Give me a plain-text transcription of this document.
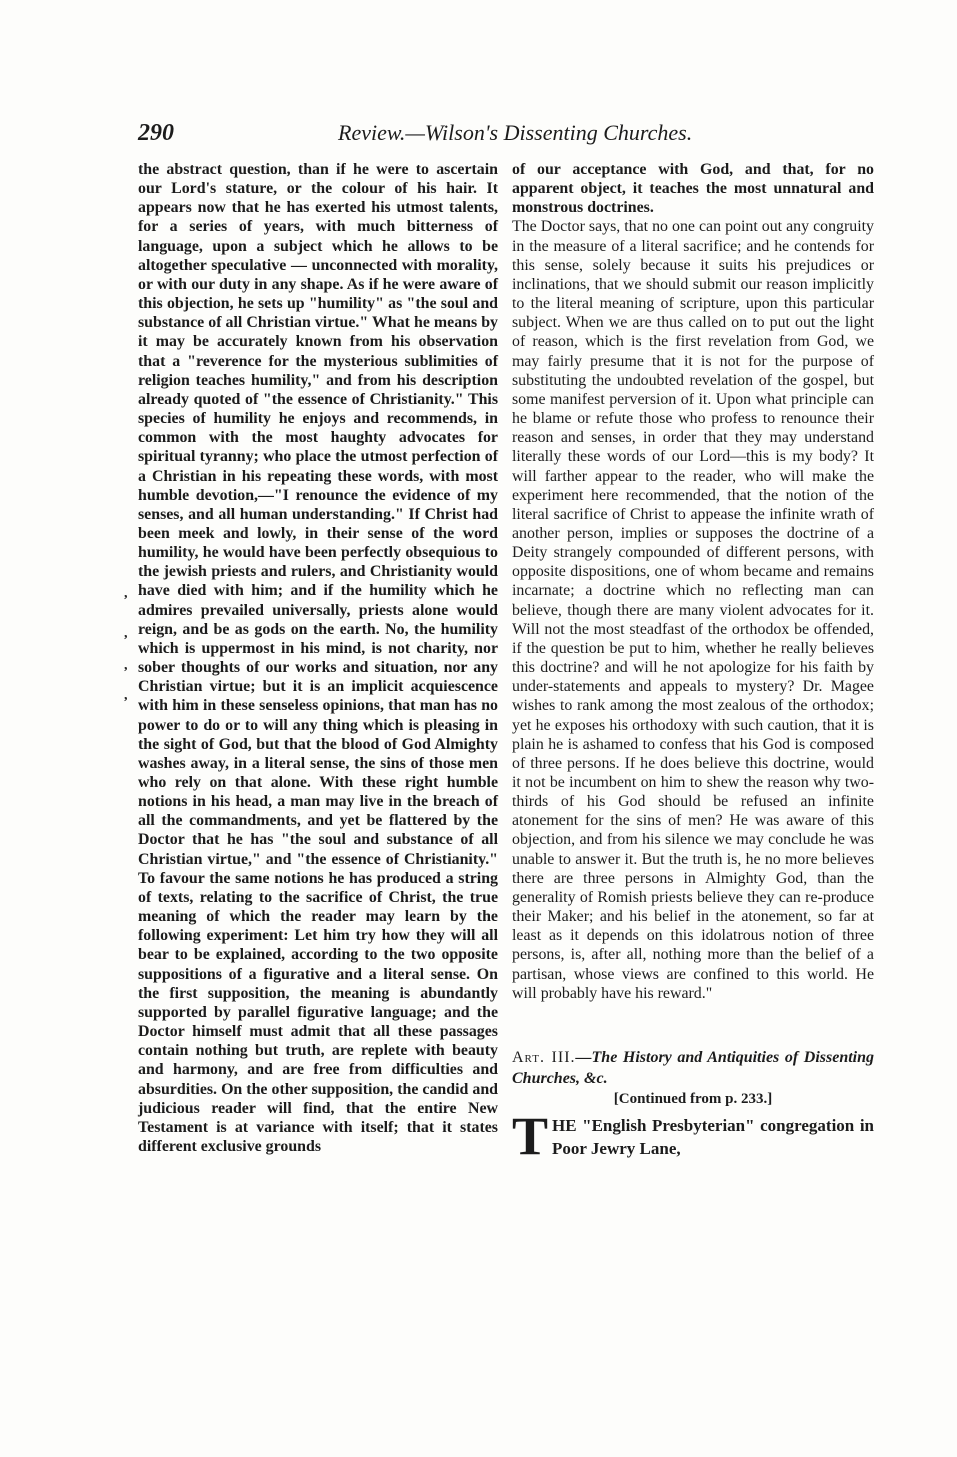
290	Review.—Wilson's Dissenting Churches.

the abstract question, than if he were to ascertain our Lord's stature, or the colour of his hair. It appears now that he has exerted his utmost talents, for a series of years, with much bitterness of language, upon a subject which he allows to be altogether speculative — unconnected with morality, or with our duty in any shape. As if he were aware of this objection, he sets up "humility" as "the soul and substance of all Christian virtue." What he means by it may be accurately known from his observation that a "reverence for the mysterious sublimities of religion teaches humility," and from his description already quoted of "the essence of Christianity." This species of humility he enjoys and recommends, in common with the most haughty advocates for spiritual tyranny; who place the utmost perfection of a Christian in his repeating these words, with most humble devotion,—"I renounce the evidence of my senses, and all human understanding." If Christ had been meek and lowly, in their sense of the word humility, he would have been perfectly obsequious to the jewish priests and rulers, and Christianity would have died with him; and if the humility which he admires prevailed universally, priests alone would reign, and be as gods on the earth. No, the humility which is uppermost in his mind, is not charity, nor sober thoughts of our works and situation, nor any Christian virtue; but it is an implicit acquiescence with him in these senseless opinions, that man has no power to do or to will any thing which is pleasing in the sight of God, but that the blood of God Almighty washes away, in a literal sense, the sins of those men who rely on that alone. With these right humble notions in his head, a man may live in the breach of all the commandments, and yet be flattered by the Doctor that he has "the soul and substance of all Christian virtue," and "the essence of Christianity." To favour the same notions he has produced a string of texts, relating to the sacrifice of Christ, the true meaning of which the reader may learn by the following experiment: Let him try how they will all bear to be explained, according to the two opposite suppositions of a figurative and a literal sense. On the first supposition, the meaning is abundantly supported by parallel figurative language; and the Doctor himself must admit that all these passages contain nothing but truth, are replete with beauty and harmony, and are free from difficulties and absurdities. On the other supposition, the candid and judicious reader will find, that the entire New Testament is at variance with itself; that it states different exclusive grounds

of our acceptance with God, and that, for no apparent object, it teaches the most unnatural and monstrous doctrines.

The Doctor says, that no one can point out any congruity in the measure of a literal sacrifice; and he contends for this sense, solely because it suits his prejudices or inclinations, that we should submit our reason implicitly to the literal meaning of scripture, upon this particular subject. When we are thus called on to put out the light of reason, which is the first revelation from God, we may fairly presume that it is not for the purpose of substituting the undoubted revelation of the gospel, but some manifest perversion of it. Upon what principle can he blame or refute those who profess to renounce their reason and senses, in order that they may understand literally these words of our Lord—this is my body? It will farther appear to the reader, who will make the experiment here recommended, that the notion of the literal sacrifice of Christ to appease the infinite wrath of another person, implies or supposes the doctrine of a Deity strangely compounded of different persons, with opposite dispositions, one of whom became and remains incarnate; a doctrine which no reflecting man can believe, though there are many violent advocates for it. Will not the most steadfast of the orthodox be offended, if the question be put to him, whether he really believes this doctrine? and will he not apologize for his faith by under-statements and appeals to mystery? Dr. Magee wishes to rank among the most zealous of the orthodox; yet he exposes his orthodoxy with such caution, that it is plain he is ashamed to confess that his God is composed of three persons. If he does believe this doctrine, would it not be incumbent on him to shew the reason why two-thirds of his God should be refused an infinite atonement for the sins of men? He was aware of this objection, and from his silence we may conclude he was unable to answer it. But the truth is, he no more believes there are three persons in Almighty God, than the generality of Romish priests believe they can re-produce their Maker; and his belief in the atonement, so far at least as it depends on this idolatrous notion of three persons, is, after all, nothing more than the belief of a partisan, whose views are confined to this world. He will probably have his reward."

Art. III.—The History and Antiquities of Dissenting Churches, &c.

[Continued from p. 233.]

T HE "English Presbyterian" congregation in Poor Jewry Lane,
,
,
,
,
